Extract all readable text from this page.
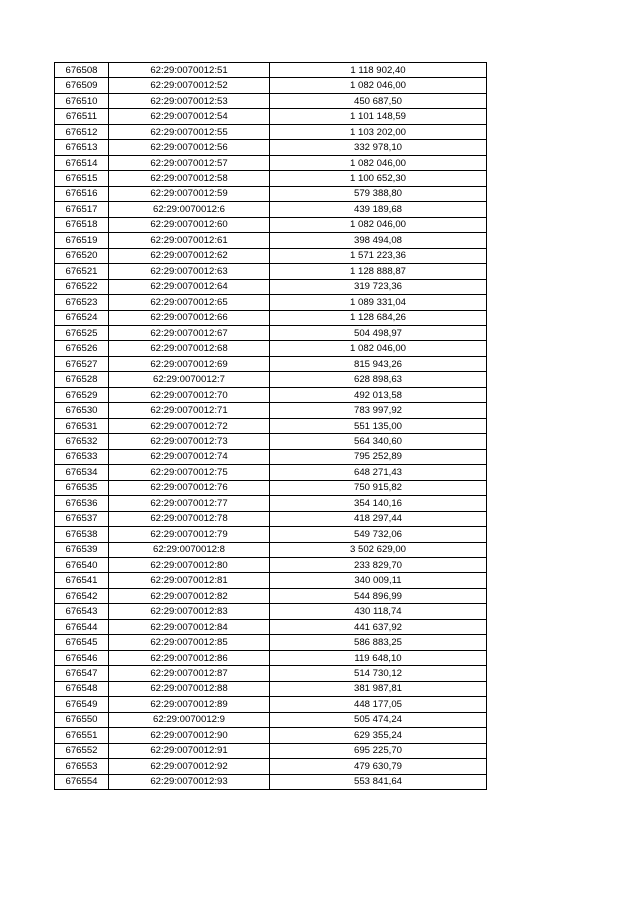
676508	62:29:0070012:51	1 118 902,40
676509	62:29:0070012:52	1 082 046,00
676510	62:29:0070012:53	450 687,50
676511	62:29:0070012:54	1 101 148,59
676512	62:29:0070012:55	1 103 202,00
676513	62:29:0070012:56	332 978,10
676514	62:29:0070012:57	1 082 046,00
676515	62:29:0070012:58	1 100 652,30
676516	62:29:0070012:59	579 388,80
676517	62:29:0070012:6	439 189,68
676518	62:29:0070012:60	1 082 046,00
676519	62:29:0070012:61	398 494,08
676520	62:29:0070012:62	1 571 223,36
676521	62:29:0070012:63	1 128 888,87
676522	62:29:0070012:64	319 723,36
676523	62:29:0070012:65	1 089 331,04
676524	62:29:0070012:66	1 128 684,26
676525	62:29:0070012:67	504 498,97
676526	62:29:0070012:68	1 082 046,00
676527	62:29:0070012:69	815 943,26
676528	62:29:0070012:7	628 898,63
676529	62:29:0070012:70	492 013,58
676530	62:29:0070012:71	783 997,92
676531	62:29:0070012:72	551 135,00
676532	62:29:0070012:73	564 340,60
676533	62:29:0070012:74	795 252,89
676534	62:29:0070012:75	648 271,43
676535	62:29:0070012:76	750 915,82
676536	62:29:0070012:77	354 140,16
676537	62:29:0070012:78	418 297,44
676538	62:29:0070012:79	549 732,06
676539	62:29:0070012:8	3 502 629,00
676540	62:29:0070012:80	233 829,70
676541	62:29:0070012:81	340 009,11
676542	62:29:0070012:82	544 896,99
676543	62:29:0070012:83	430 118,74
676544	62:29:0070012:84	441 637,92
676545	62:29:0070012:85	586 883,25
676546	62:29:0070012:86	119 648,10
676547	62:29:0070012:87	514 730,12
676548	62:29:0070012:88	381 987,81
676549	62:29:0070012:89	448 177,05
676550	62:29:0070012:9	505 474,24
676551	62:29:0070012:90	629 355,24
676552	62:29:0070012:91	695 225,70
676553	62:29:0070012:92	479 630,79
676554	62:29:0070012:93	553 841,64
